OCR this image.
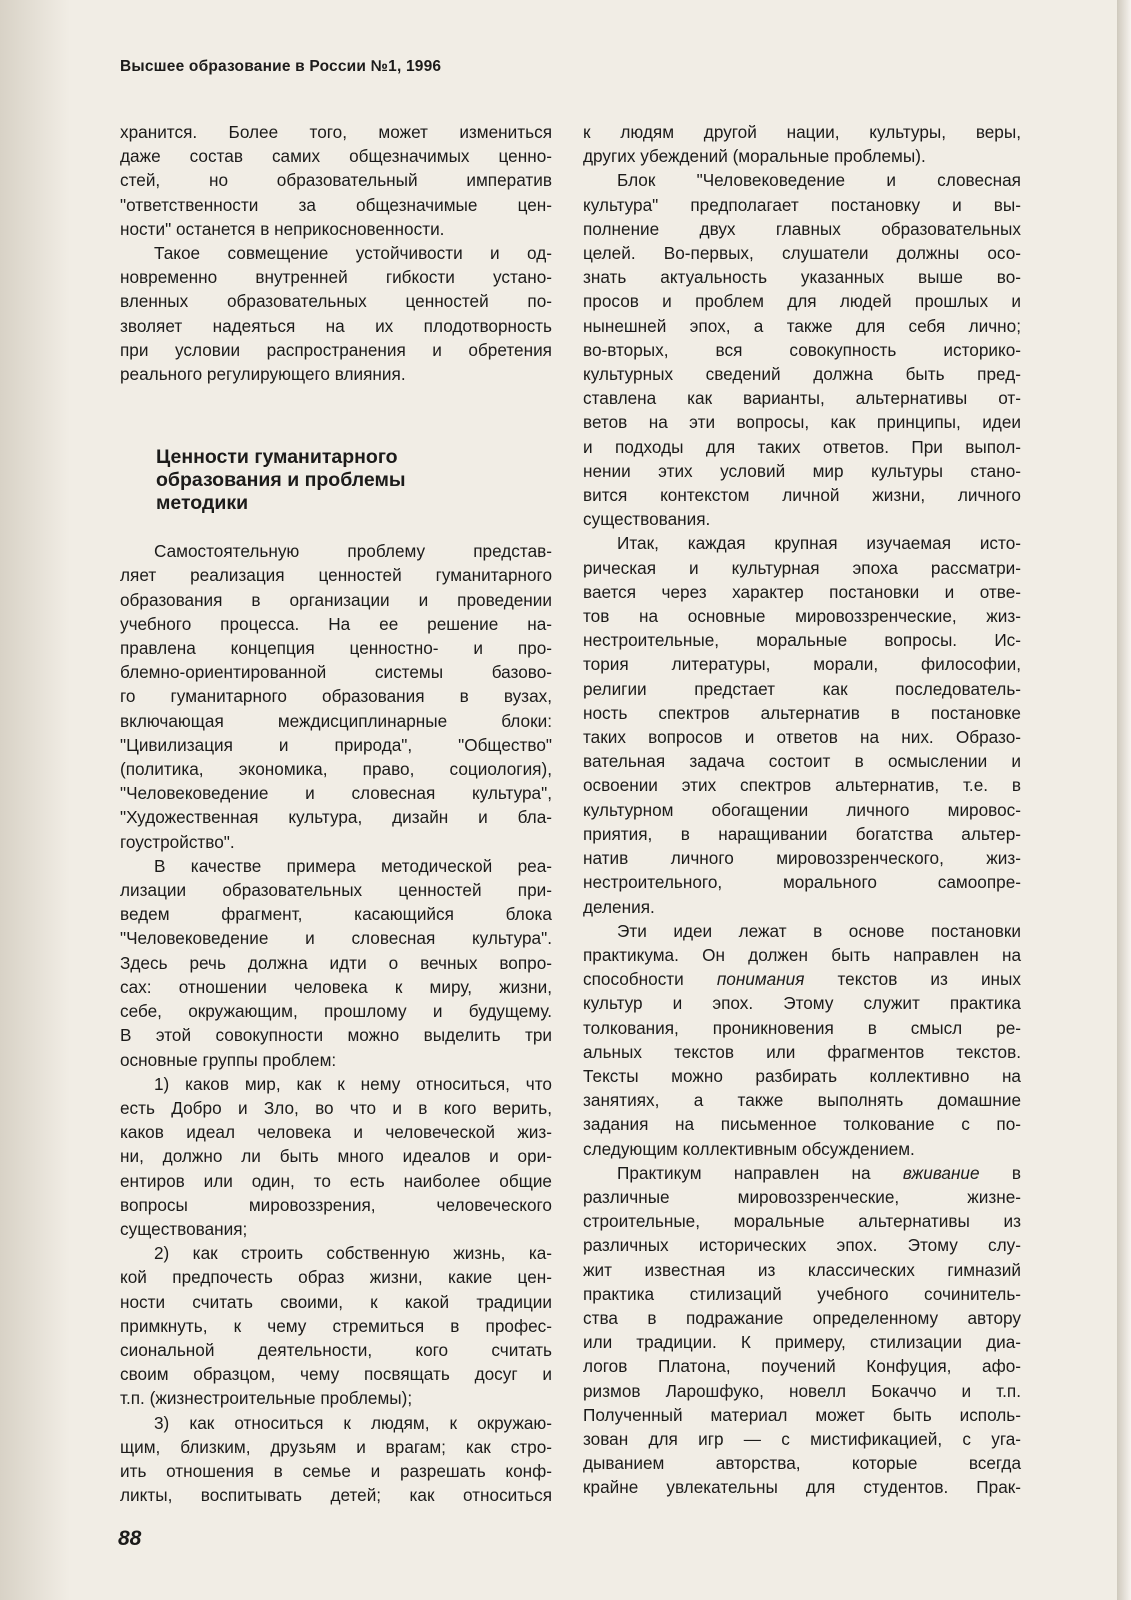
Высшее образование в России №1, 1996

хранится. Более того, может измениться
даже состав самих общезначимых ценно-
стей, но образовательный императив
"ответственности за общезначимые цен-
ности" останется в неприкосновенности.

Такое совмещение устойчивости и од-
новременно внутренней гибкости устано-
вленных образовательных ценностей по-
зволяет надеяться на их плодотворность
при условии распространения и обретения
реального регулирующего влияния.

Ценности гуманитарного
образования и проблемы
методики

Самостоятельную проблему представ-
ляет реализация ценностей гуманитарного
образования в организации и проведении
учебного процесса. На ее решение на-
правлена концепция ценностно- и про-
блемно-ориентированной системы базово-
го гуманитарного образования в вузах,
включающая междисциплинарные блоки:
"Цивилизация и природа", "Общество"
(политика, экономика, право, социология),
"Человековедение и словесная культура",
"Художественная культура, дизайн и бла-
гоустройство".

В качестве примера методической реа-
лизации образовательных ценностей при-
ведем фрагмент, касающийся блока
"Человековедение и словесная культура".
Здесь речь должна идти о вечных вопро-
сах: отношении человека к миру, жизни,
себе, окружающим, прошлому и будущему.
В этой совокупности можно выделить три
основные группы проблем:

1) каков мир, как к нему относиться, что
есть Добро и Зло, во что и в кого верить,
каков идеал человека и человеческой жиз-
ни, должно ли быть много идеалов и ори-
ентиров или один, то есть наиболее общие
вопросы мировоззрения, человеческого
существования;

2) как строить собственную жизнь, ка-
кой предпочесть образ жизни, какие цен-
ности считать своими, к какой традиции
примкнуть, к чему стремиться в профес-
сиональной деятельности, кого считать
своим образцом, чему посвящать досуг и
т.п. (жизнестроительные проблемы);

3) как относиться к людям, к окружаю-
щим, близким, друзьям и врагам; как стро-
ить отношения в семье и разрешать конф-
ликты, воспитывать детей; как относиться

к людям другой нации, культуры, веры,
других убеждений (моральные проблемы).

Блок "Человековедение и словесная
культура" предполагает постановку и вы-
полнение двух главных образовательных
целей. Во-первых, слушатели должны осо-
знать актуальность указанных выше во-
просов и проблем для людей прошлых и
нынешней эпох, а также для себя лично;
во-вторых, вся совокупность историко-
культурных сведений должна быть пред-
ставлена как варианты, альтернативы от-
ветов на эти вопросы, как принципы, идеи
и подходы для таких ответов. При выпол-
нении этих условий мир культуры стано-
вится контекстом личной жизни, личного
существования.

Итак, каждая крупная изучаемая исто-
рическая и культурная эпоха рассматри-
вается через характер постановки и отве-
тов на основные мировоззренческие, жиз-
нестроительные, моральные вопросы. Ис-
тория литературы, морали, философии,
религии предстает как последователь-
ность спектров альтернатив в постановке
таких вопросов и ответов на них. Образо-
вательная задача состоит в осмыслении и
освоении этих спектров альтернатив, т.е. в
культурном обогащении личного мировос-
приятия, в наращивании богатства альтер-
натив личного мировоззренческого, жиз-
нестроительного, морального самоопре-
деления.

Эти идеи лежат в основе постановки
практикума. Он должен быть направлен на
способности понимания текстов из иных
культур и эпох. Этому служит практика
толкования, проникновения в смысл ре-
альных текстов или фрагментов текстов.
Тексты можно разбирать коллективно на
занятиях, а также выполнять домашние
задания на письменное толкование с по-
следующим коллективным обсуждением.

Практикум направлен на вживание в
различные мировоззренческие, жизне-
строительные, моральные альтернативы из
различных исторических эпох. Этому слу-
жит известная из классических гимназий
практика стилизаций учебного сочинитель-
ства в подражание определенному автору
или традиции. К примеру, стилизации диа-
логов Платона, поучений Конфуция, афо-
ризмов Ларошфуко, новелл Бокаччо и т.п.
Полученный материал может быть исполь-
зован для игр — с мистификацией, с уга-
дыванием авторства, которые всегда
крайне увлекательны для студентов. Прак-

88
